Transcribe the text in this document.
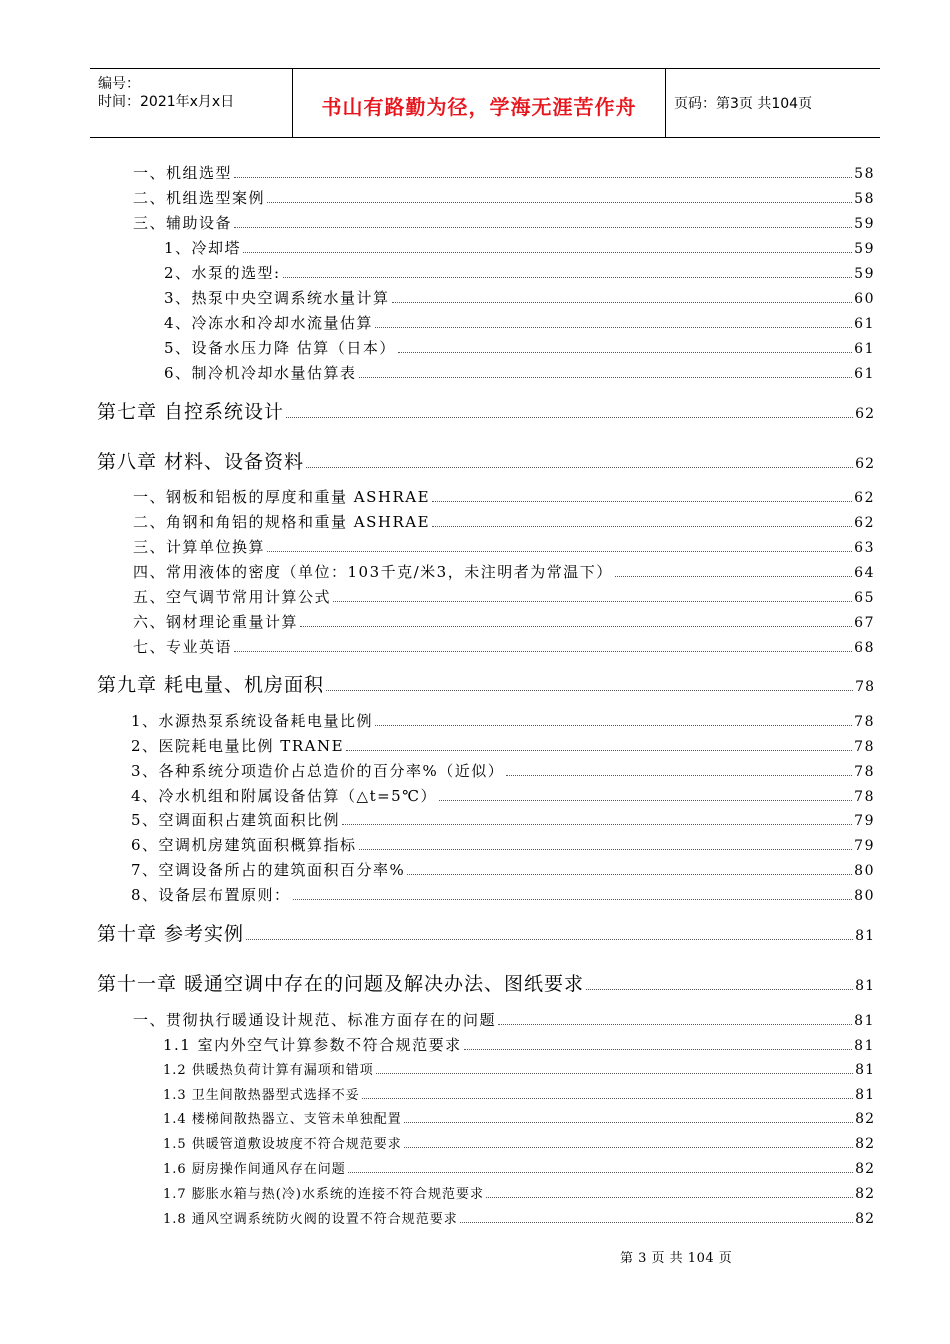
编号：
时间：2021年x月x日	书山有路勤为径，学海无涯苦作舟	页码：第3页 共104页
一、机组选型	58
二、机组选型案例	58
三、辅助设备	59
1、冷却塔	59
2、水泵的选型:	59
3、热泵中央空调系统水量计算	60
4、冷冻水和冷却水流量估算	61
5、设备水压力降 估算（日本）	61
6、制冷机冷却水量估算表	61
第七章 自控系统设计	62
第八章 材料、设备资料	62
一、钢板和铝板的厚度和重量 ASHRAE	62
二、角钢和角铝的规格和重量 ASHRAE	62
三、计算单位换算	63
四、常用液体的密度（单位：103千克/米3，未注明者为常温下）	64
五、空气调节常用计算公式	65
六、钢材理论重量计算	67
七、专业英语	68
第九章 耗电量、机房面积	78
1、水源热泵系统设备耗电量比例	78
2、医院耗电量比例 TRANE	78
3、各种系统分项造价占总造价的百分率%（近似）	78
4、冷水机组和附属设备估算（△t=5℃）	78
5、空调面积占建筑面积比例	79
6、空调机房建筑面积概算指标	79
7、空调设备所占的建筑面积百分率%	80
8、设备层布置原则：	80
第十章 参考实例	81
第十一章 暖通空调中存在的问题及解决办法、图纸要求	81
一、贯彻执行暖通设计规范、标准方面存在的问题	81
1.1 室内外空气计算参数不符合规范要求	81
1.2 供暖热负荷计算有漏项和错项	81
1.3 卫生间散热器型式选择不妥	81
1.4 楼梯间散热器立、支管未单独配置	82
1.5 供暖管道敷设坡度不符合规范要求	82
1.6 厨房操作间通风存在问题	82
1.7 膨胀水箱与热(冷)水系统的连接不符合规范要求	82
1.8 通风空调系统防火阀的设置不符合规范要求	82
第 3 页 共 104 页
